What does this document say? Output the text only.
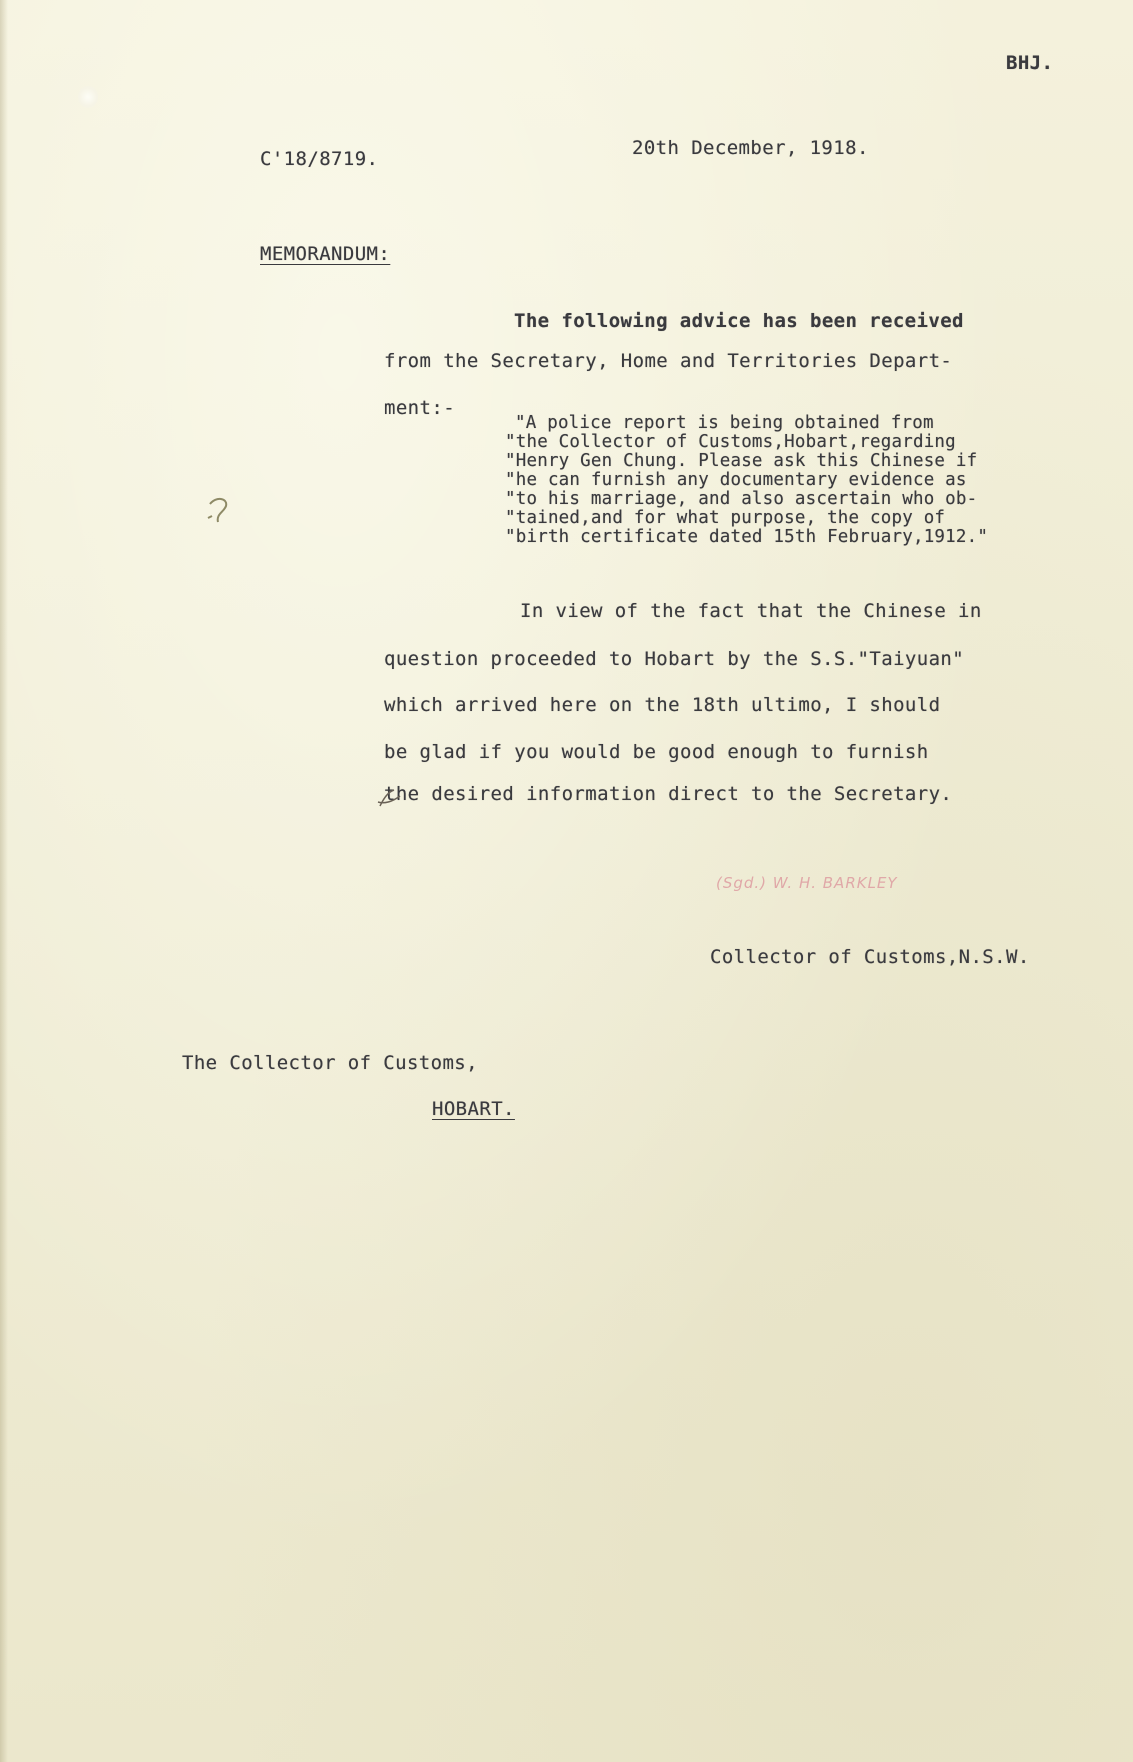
BHJ.
C'18/8719.	20th December, 1918.
MEMORANDUM:
The following advice has been received
from the Secretary, Home and Territories Depart-
ment:-
"A police report is being obtained from
"the Collector of Customs,Hobart,regarding
"Henry Gen Chung. Please ask this Chinese if
"he can furnish any documentary evidence as
"to his marriage, and also ascertain who ob-
"tained,and for what purpose, the copy of
"birth certificate dated 15th February,1912."
In view of the fact that the Chinese in
question proceeded to Hobart by the S.S."Taiyuan"
which arrived here on the 18th ultimo, I should
be glad if you would be good enough to furnish
the desired information direct to the Secretary.
(Sgd.) W. H. BARKLEY
Collector of Customs,N.S.W.
The Collector of Customs,
HOBART.
